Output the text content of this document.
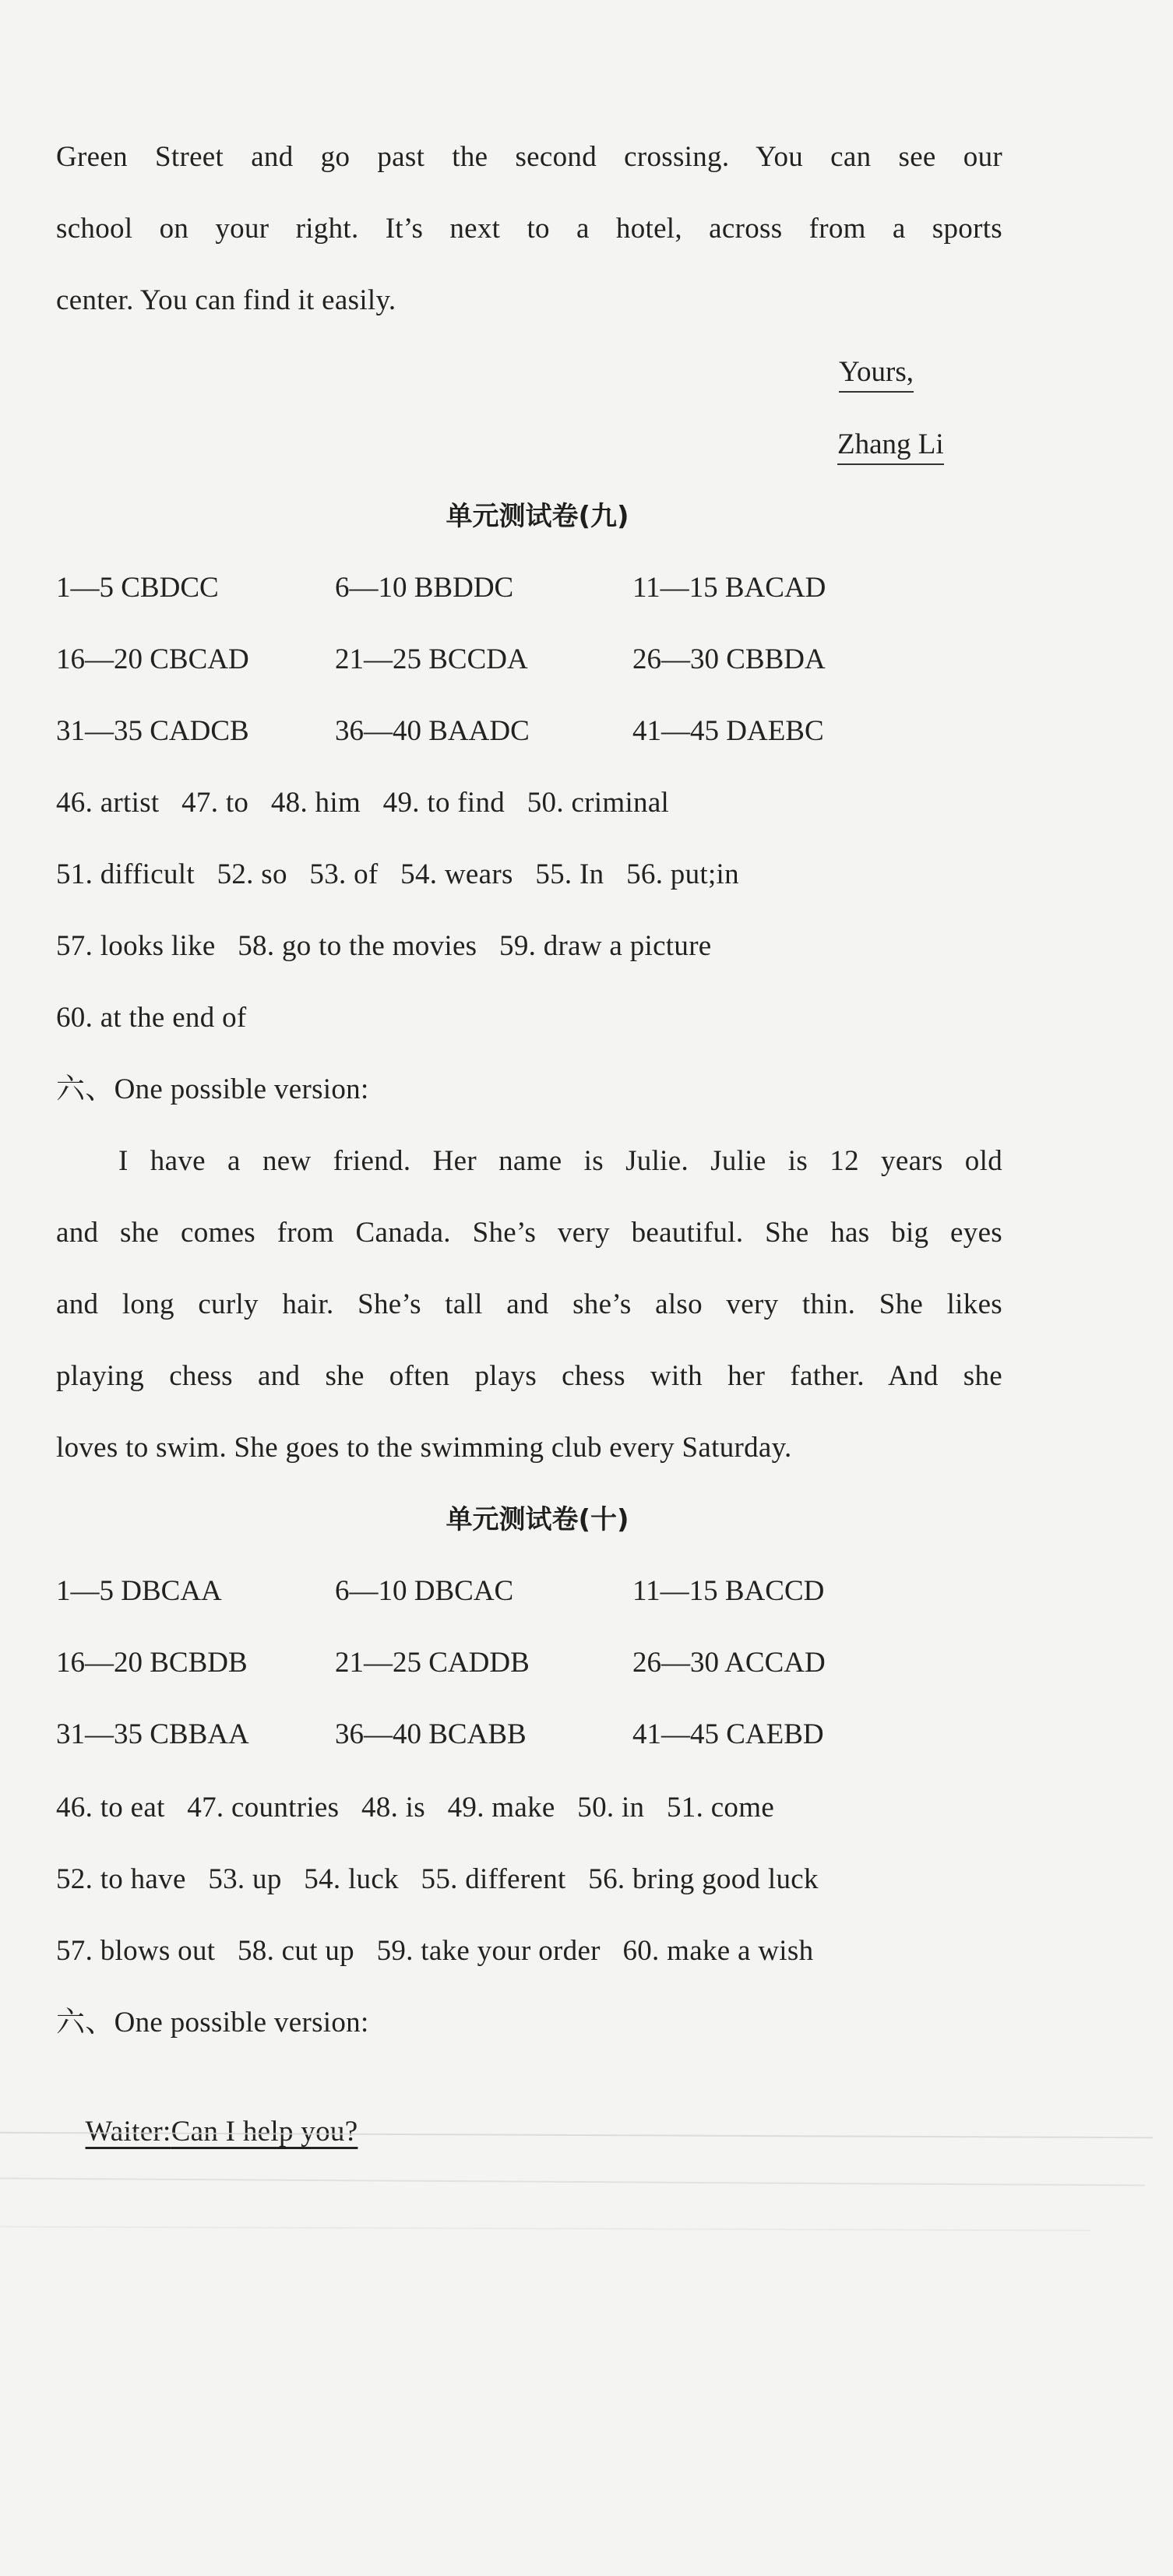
Green Street and go past the second crossing. You can see our
school on your right. It’s next to a hotel, across from a sports
center. You can find it easily.
Yours,
Zhang Li
单元测试卷(九)

1—5 CBDCC

	6—10 BBDDC

	11—15 BACAD

16—20 CBCAD

	21—25 BCCDA

	26—30 CBBDA

31—35 CADCB

	36—40 BAADC

	41—45 DAEBC

46. artist   47. to   48. him   49. to find   50. criminal
51. difficult   52. so   53. of   54. wears   55. In   56. put;in
57. looks like   58. go to the movies   59. draw a picture
60. at the end of
六、One possible version:
I have a new friend. Her name is Julie. Julie is 12 years old
and she comes from Canada. She’s very beautiful. She has big eyes
and long curly hair. She’s tall and she’s also very thin. She likes
playing chess and she often plays chess with her father. And she
loves to swim. She goes to the swimming club every Saturday.
单元测试卷(十)

1—5 DBCAA

	6—10 DBCAC

	11—15 BACCD

16—20 BCBDB

	21—25 CADDB

	26—30 ACCAD

31—35 CBBAA

	36—40 BCABB

	41—45 CAEBD

46. to eat   47. countries   48. is   49. make   50. in   51. come
52. to have   53. up   54. luck   55. different   56. bring good luck
57. blows out   58. cut up   59. take your order   60. make a wish
六、One possible version:

Waiter:Can I help you?
